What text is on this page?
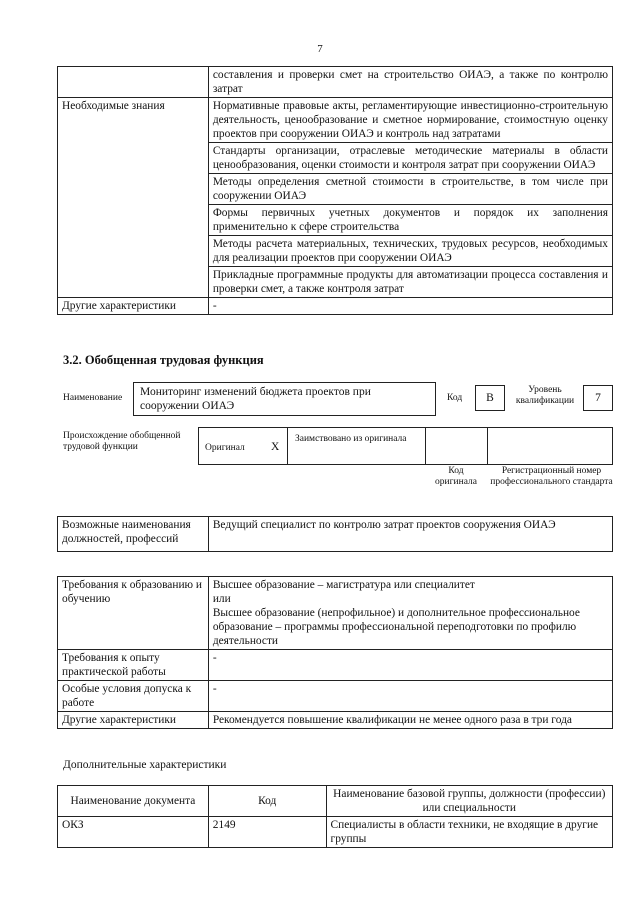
7
	составления и проверки смет на строительство ОИАЭ, а также по контролю затрат
Необходимые знания	Нормативные правовые акты, регламентирующие инвестиционно-строительную деятельность, ценообразование и сметное нормирование, стоимостную оценку проектов при сооружении ОИАЭ и контроль над затратами
	Стандарты организации, отраслевые методические материалы в области ценообразования, оценки стоимости и контроля затрат при сооружении ОИАЭ
	Методы определения сметной стоимости в строительстве, в том числе при сооружении ОИАЭ
	Формы первичных учетных документов и порядок их заполнения применительно к сфере строительства
	Методы расчета материальных, технических, трудовых ресурсов, необходимых для реализации проектов при сооружении ОИАЭ
	Прикладные программные продукты для автоматизации процесса составления и проверки смет, а также контроля затрат
Другие характеристики	-
3.2. Обобщенная трудовая функция
Наименование	Мониторинг изменений бюджета проектов при сооружении ОИАЭ
Код	В
Уровень квалификации	7
Происхождение обобщенной трудовой функции	Оригинал Х
Заимствовано из оригинала
Код оригинала
Регистрационный номер профессионального стандарта
Возможные наименования должностей, профессий	Ведущий специалист по контролю затрат проектов сооружения ОИАЭ
Требования к образованию и обучению	Высшее образование – магистратура или специалитет
или
Высшее образование (непрофильное) и дополнительное профессиональное образование – программы профессиональной переподготовки по профилю деятельности

Требования к опыту практической работы	-
Особые условия допуска к работе	-
Другие характеристики	Рекомендуется повышение квалификации не менее одного раза в три года
Дополнительные характеристики
Наименование документа	Код	Наименование базовой группы, должности (профессии) или специальности
ОКЗ	2149	Специалисты в области техники, не входящие в другие группы
